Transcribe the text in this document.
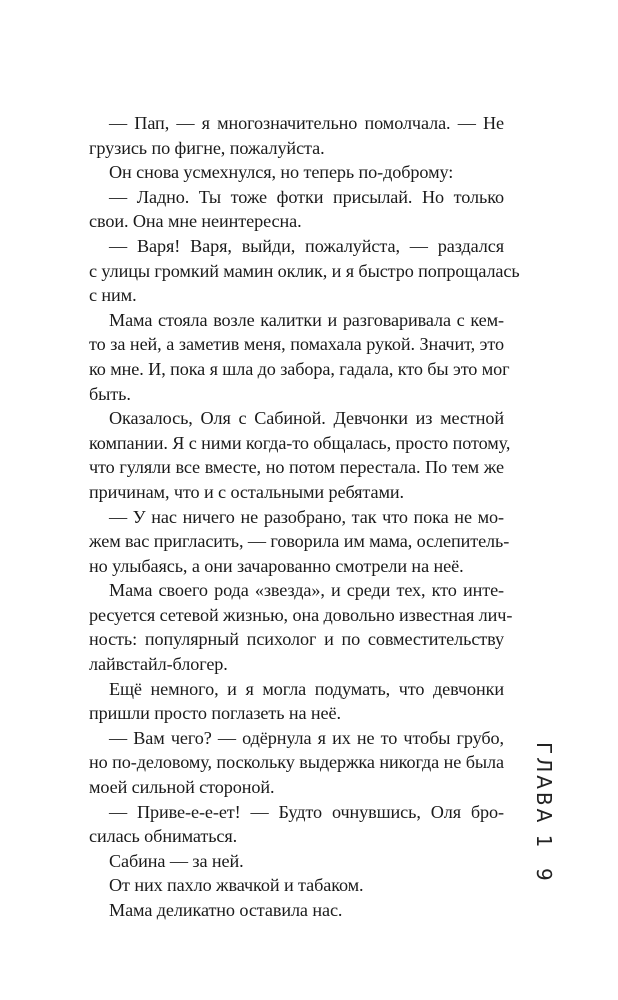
— Пап, — я многозначительно помолчала. — Не
грузись по фигне, пожалуйста.
Он снова усмехнулся, но теперь по-доброму:
— Ладно. Ты тоже фотки присылай. Но только
свои. Она мне неинтересна.
— Варя! Варя, выйди, пожалуйста, — раздался
с улицы громкий мамин оклик, и я быстро попрощалась
с ним.
Мама стояла возле калитки и разговаривала с кем-
то за ней, а заметив меня, помахала рукой. Значит, это
ко мне. И, пока я шла до забора, гадала, кто бы это мог
быть.
Оказалось, Оля с Сабиной. Девчонки из местной
компании. Я с ними когда-то общалась, просто потому,
что гуляли все вместе, но потом перестала. По тем же
причинам, что и с остальными ребятами.
— У нас ничего не разобрано, так что пока не мо-
жем вас пригласить, — говорила им мама, ослепитель-
но улыбаясь, а они зачарованно смотрели на неё.
Мама своего рода «звезда», и среди тех, кто инте-
ресуется сетевой жизнью, она довольно известная лич-
ность: популярный психолог и по совместительству
лайвстайл-блогер.
Ещё немного, и я могла подумать, что девчонки
пришли просто поглазеть на неё.
— Вам чего? — одёрнула я их не то чтобы грубо,
но по-деловому, поскольку выдержка никогда не была
моей сильной стороной.
— Приве-е-е-ет! — Будто очнувшись, Оля бро-
силась обниматься.
Сабина — за ней.
От них пахло жвачкой и табаком.
Мама деликатно оставила нас.
ГЛАВА 1
9
